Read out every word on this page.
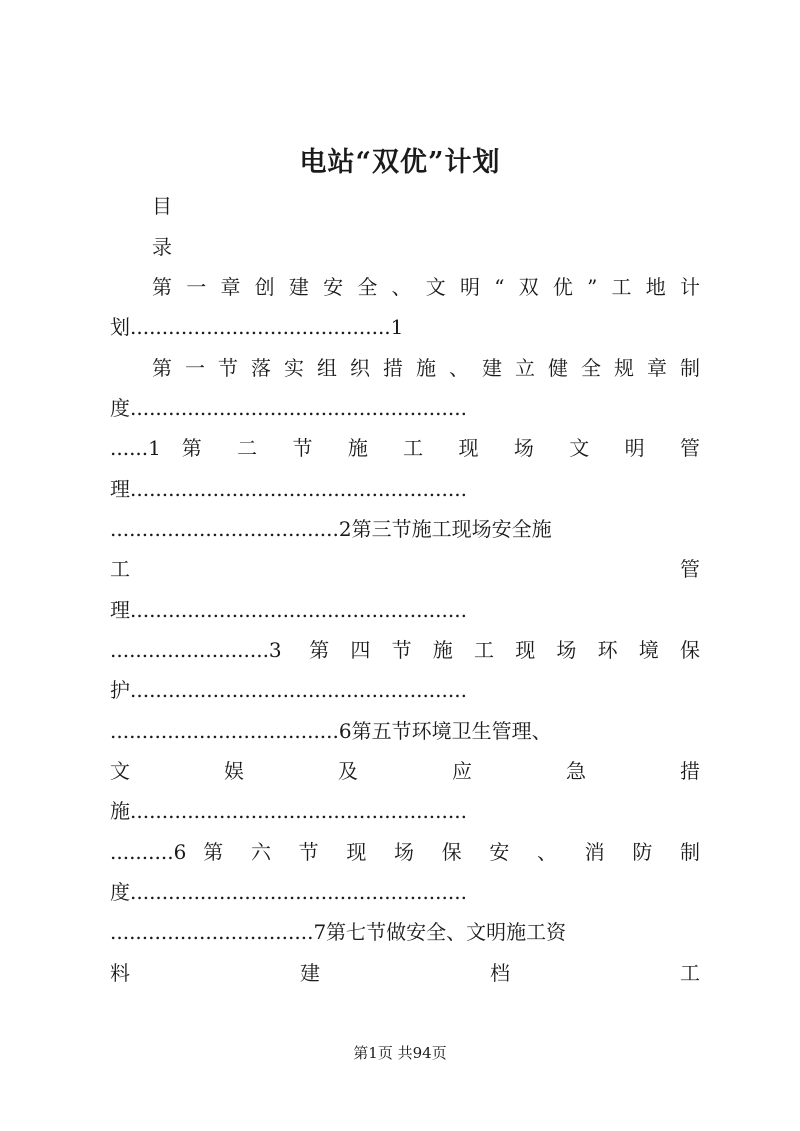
电站“双优”计划
目
录
第一章创建安全、文明“双优”工地计
划.........................................1
第一节落实组织措施、建立健全规章制
度.....................................................
......1 第 二 节 施 工 现 场 文 明 管
理.....................................................
....................................2第三节施工现场安全施
工 管
理.....................................................
.........................3 第四节施工现场环境保
护.....................................................
....................................6第五节环境卫生管理、
文 娱 及 应 急 措
施.....................................................
..........6 第 六 节 现 场 保 安 、 消 防 制
度.....................................................
................................7第七节做安全、文明施工资
料 建 档 工
第1页 共94页
